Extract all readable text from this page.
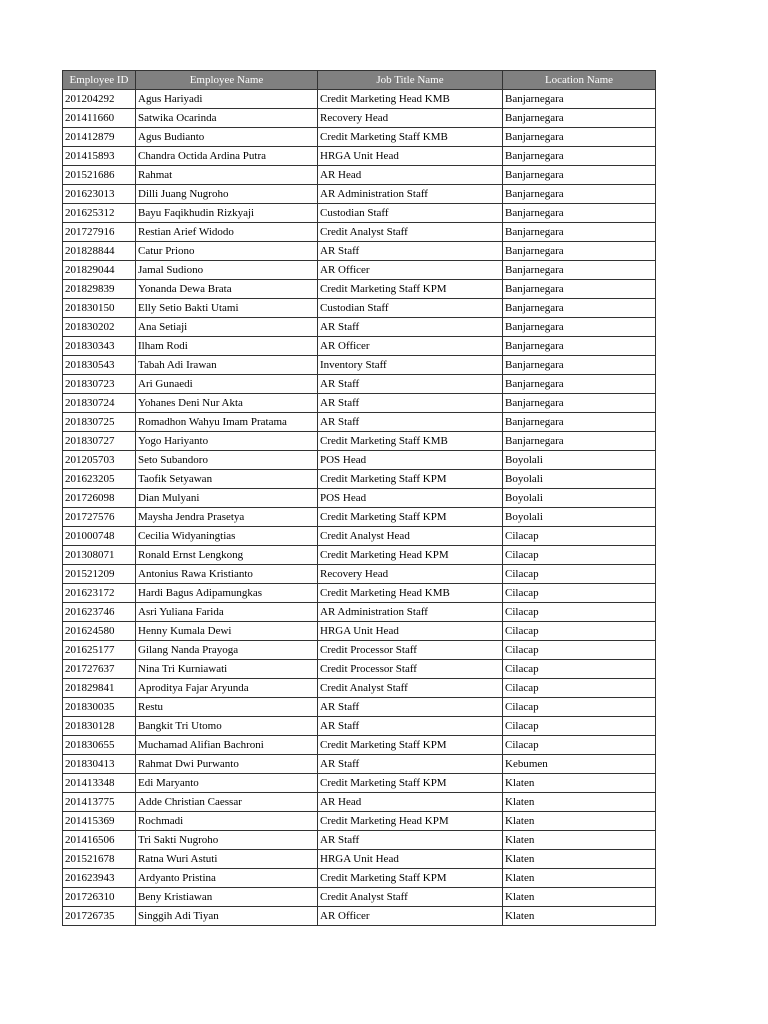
Employee ID	Employee Name	Job Title Name	Location Name
201204292	Agus Hariyadi	Credit Marketing Head KMB	Banjarnegara
201411660	Satwika Ocarinda	Recovery Head	Banjarnegara
201412879	Agus Budianto	Credit Marketing Staff KMB	Banjarnegara
201415893	Chandra Octida Ardina Putra	HRGA Unit Head	Banjarnegara
201521686	Rahmat	AR Head	Banjarnegara
201623013	Dilli Juang Nugroho	AR Administration Staff	Banjarnegara
201625312	Bayu Faqikhudin Rizkyaji	Custodian Staff	Banjarnegara
201727916	Restian Arief Widodo	Credit Analyst Staff	Banjarnegara
201828844	Catur Priono	AR Staff	Banjarnegara
201829044	Jamal Sudiono	AR Officer	Banjarnegara
201829839	Yonanda Dewa Brata	Credit Marketing Staff KPM	Banjarnegara
201830150	Elly Setio Bakti Utami	Custodian Staff	Banjarnegara
201830202	Ana Setiaji	AR Staff	Banjarnegara
201830343	Ilham Rodi	AR Officer	Banjarnegara
201830543	Tabah Adi Irawan	Inventory Staff	Banjarnegara
201830723	Ari Gunaedi	AR Staff	Banjarnegara
201830724	Yohanes Deni Nur Akta	AR Staff	Banjarnegara
201830725	Romadhon Wahyu Imam Pratama	AR Staff	Banjarnegara
201830727	Yogo Hariyanto	Credit Marketing Staff KMB	Banjarnegara
201205703	Seto Subandoro	POS Head	Boyolali
201623205	Taofik Setyawan	Credit Marketing Staff KPM	Boyolali
201726098	Dian Mulyani	POS Head	Boyolali
201727576	Maysha Jendra Prasetya	Credit Marketing Staff KPM	Boyolali
201000748	Cecilia Widyaningtias	Credit Analyst Head	Cilacap
201308071	Ronald Ernst Lengkong	Credit Marketing Head KPM	Cilacap
201521209	Antonius Rawa Kristianto	Recovery Head	Cilacap
201623172	Hardi Bagus Adipamungkas	Credit Marketing Head KMB	Cilacap
201623746	Asri Yuliana Farida	AR Administration Staff	Cilacap
201624580	Henny Kumala Dewi	HRGA Unit Head	Cilacap
201625177	Gilang Nanda Prayoga	Credit Processor Staff	Cilacap
201727637	Nina Tri Kurniawati	Credit Processor Staff	Cilacap
201829841	Aproditya Fajar Aryunda	Credit Analyst Staff	Cilacap
201830035	Restu	AR Staff	Cilacap
201830128	Bangkit Tri Utomo	AR Staff	Cilacap
201830655	Muchamad Alifian Bachroni	Credit Marketing Staff KPM	Cilacap
201830413	Rahmat Dwi Purwanto	AR Staff	Kebumen
201413348	Edi Maryanto	Credit Marketing Staff KPM	Klaten
201413775	Adde Christian Caessar	AR Head	Klaten
201415369	Rochmadi	Credit Marketing Head KPM	Klaten
201416506	Tri Sakti Nugroho	AR Staff	Klaten
201521678	Ratna Wuri Astuti	HRGA Unit Head	Klaten
201623943	Ardyanto Pristina	Credit Marketing Staff KPM	Klaten
201726310	Beny Kristiawan	Credit Analyst Staff	Klaten
201726735	Singgih Adi Tiyan	AR Officer	Klaten
